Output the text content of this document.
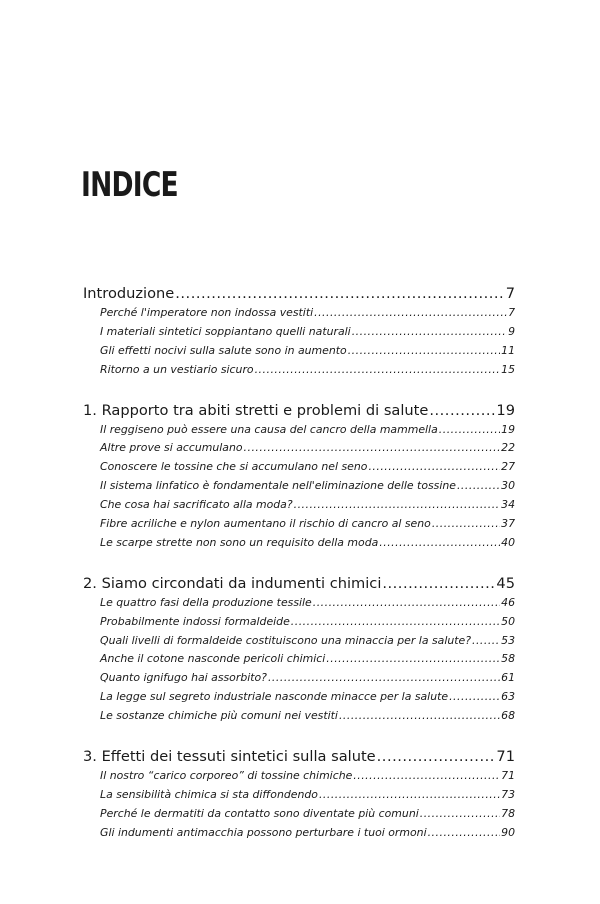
INDICE
Introduzione .....	7
Perché l'imperatore non indossa vestiti .....	7
I materiali sintetici soppiantano quelli naturali .....	9
Gli effetti nocivi sulla salute sono in aumento .....	11
Ritorno a un vestiario sicuro .....	15
1. Rapporto tra abiti stretti e problemi di salute .....	19
Il reggiseno può essere una causa del cancro della mammella .....	19
Altre prove si accumulano .....	22
Conoscere le tossine che si accumulano nel seno .....	27
Il sistema linfatico è fondamentale nell'eliminazione delle tossine .....	30
Che cosa hai sacrificato alla moda? .....	34
Fibre acriliche e nylon aumentano il rischio di cancro al seno .....	37
Le scarpe strette non sono un requisito della moda .....	40
2. Siamo circondati da indumenti chimici .....	45
Le quattro fasi della produzione tessile .....	46
Probabilmente indossi formaldeide .....	50
Quali livelli di formaldeide costituiscono una minaccia per la salute? .....	53
Anche il cotone nasconde pericoli chimici .....	58
Quanto ignifugo hai assorbito? .....	61
La legge sul segreto industriale nasconde minacce per la salute .....	63
Le sostanze chimiche più comuni nei vestiti .....	68
3. Effetti dei tessuti sintetici sulla salute .....	71
Il nostro “carico corporeo” di tossine chimiche .....	71
La sensibilità chimica si sta diffondendo .....	73
Perché le dermatiti da contatto sono diventate più comuni .....	78
Gli indumenti antimacchia possono perturbare i tuoi ormoni .....	90
